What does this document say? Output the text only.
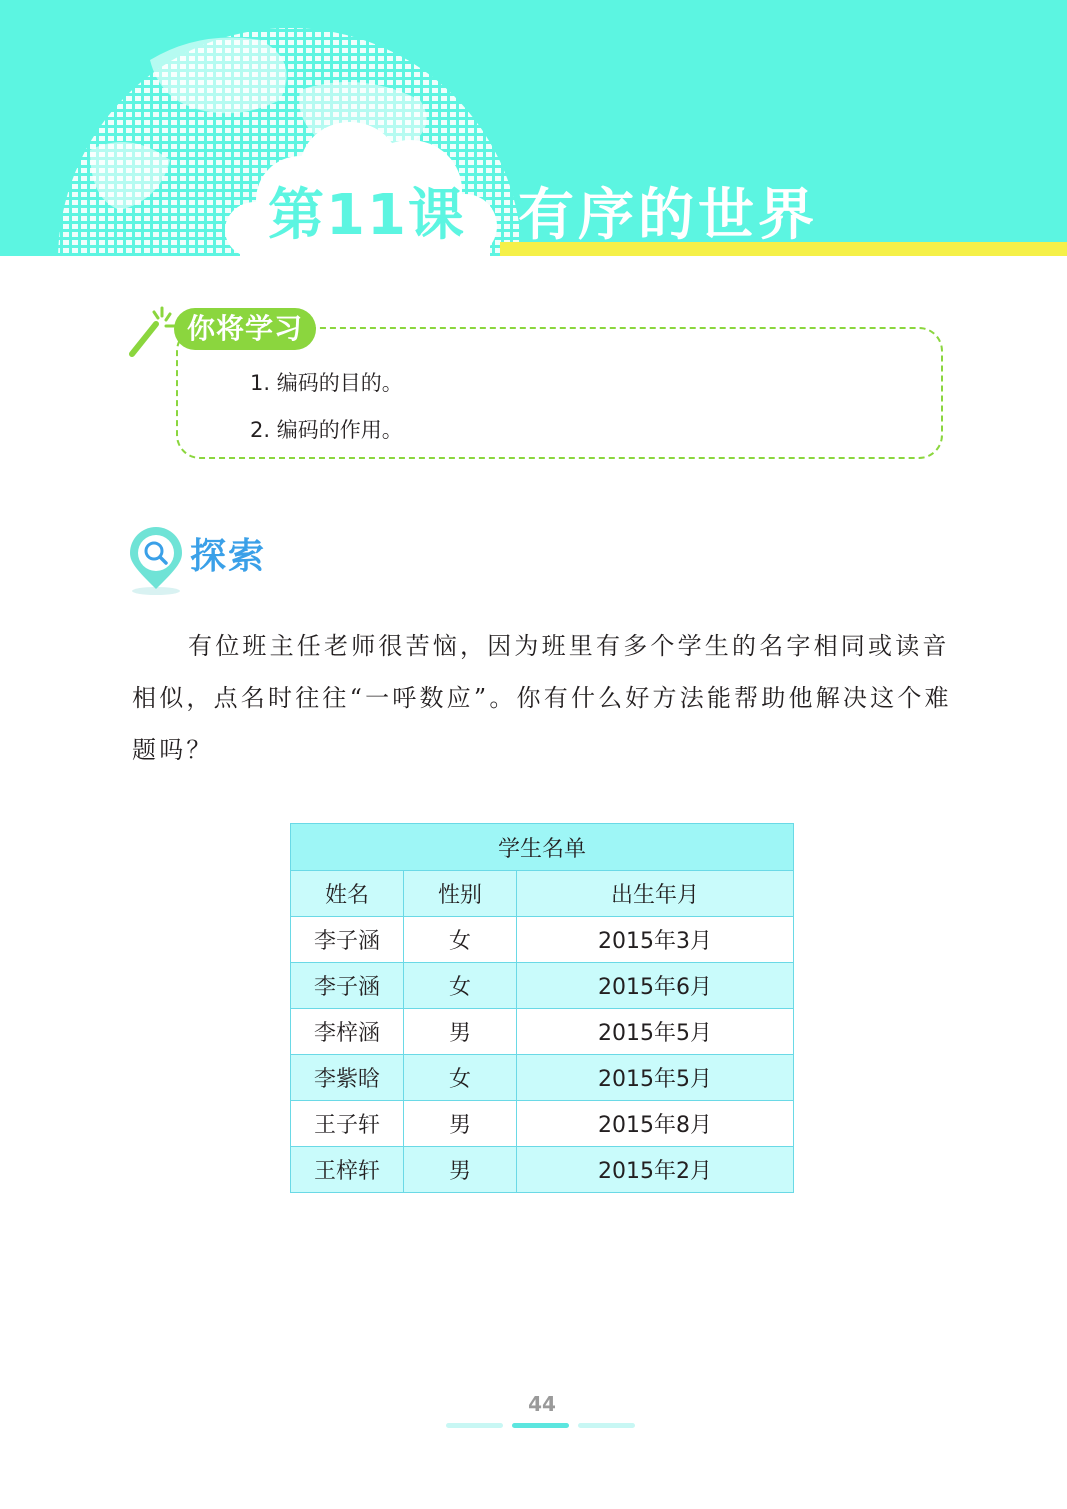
第11课 有序的世界
你将学习
1. 编码的目的。
2. 编码的作用。
探索

有位班主任老师很苦恼，因为班里有多个学生的名字相同或读音相似，点名时往往“一呼数应”。你有什么好方法能帮助他解决这个难题吗？

学生名单		
姓名	性别	出生年月
李子涵	女	2015年3月
李子涵	女	2015年6月
李梓涵	男	2015年5月
李紫晗	女	2015年5月
王子轩	男	2015年8月
王梓轩	男	2015年2月
44
